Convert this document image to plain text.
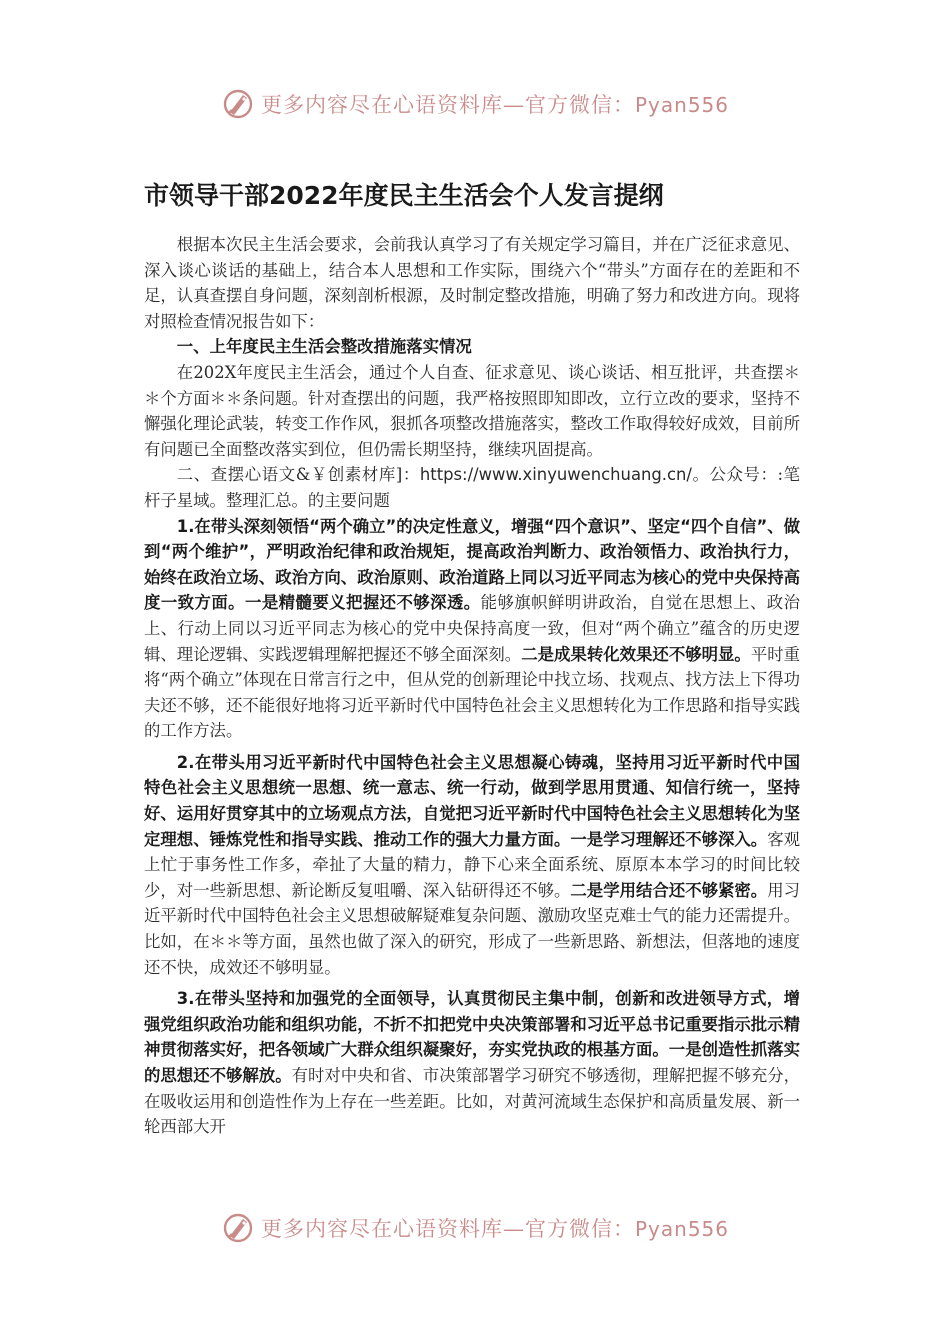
更多内容尽在心语资料库—官方微信：Pyan556
市领导干部2022年度民主生活会个人发言提纲

根据本次民主生活会要求，会前我认真学习了有关规定学习篇目，并在广泛征求意见、深入谈心谈话的基础上，结合本人思想和工作实际，围绕六个“带头”方面存在的差距和不足，认真查摆自身问题，深刻剖析根源，及时制定整改措施，明确了努力和改进方向。现将对照检查情况报告如下：

一、上年度民主生活会整改措施落实情况

在202X年度民主生活会，通过个人自查、征求意见、谈心谈话、相互批评，共查摆＊＊个方面＊＊条问题。针对查摆出的问题，我严格按照即知即改，立行立改的要求，坚持不懈强化理论武装，转变工作作风，狠抓各项整改措施落实，整改工作取得较好成效，目前所有问题已全面整改落实到位，但仍需长期坚持，继续巩固提高。

二、查摆心语文&￥创素材库]：https://www.xinyuwenchuang.cn/。公众号：:笔杆子星域。整理汇总。的主要问题

1.在带头深刻领悟“两个确立”的决定性意义，增强“四个意识”、坚定“四个自信”、做到“两个维护”，严明政治纪律和政治规矩，提高政治判断力、政治领悟力、政治执行力，始终在政治立场、政治方向、政治原则、政治道路上同以习近平同志为核心的党中央保持高度一致方面。一是精髓要义把握还不够深透。能够旗帜鲜明讲政治，自觉在思想上、政治上、行动上同以习近平同志为核心的党中央保持高度一致，但对“两个确立”蕴含的历史逻辑、理论逻辑、实践逻辑理解把握还不够全面深刻。二是成果转化效果还不够明显。平时重将“两个确立”体现在日常言行之中，但从党的创新理论中找立场、找观点、找方法上下得功夫还不够，还不能很好地将习近平新时代中国特色社会主义思想转化为工作思路和指导实践的工作方法。

2.在带头用习近平新时代中国特色社会主义思想凝心铸魂，坚持用习近平新时代中国特色社会主义思想统一思想、统一意志、统一行动，做到学思用贯通、知信行统一，坚持好、运用好贯穿其中的立场观点方法，自觉把习近平新时代中国特色社会主义思想转化为坚定理想、锤炼党性和指导实践、推动工作的强大力量方面。一是学习理解还不够深入。客观上忙于事务性工作多，牵扯了大量的精力，静下心来全面系统、原原本本学习的时间比较少，对一些新思想、新论断反复咀嚼、深入钻研得还不够。二是学用结合还不够紧密。用习近平新时代中国特色社会主义思想破解疑难复杂问题、激励攻坚克难士气的能力还需提升。比如，在＊＊等方面，虽然也做了深入的研究，形成了一些新思路、新想法，但落地的速度还不快，成效还不够明显。

3.在带头坚持和加强党的全面领导，认真贯彻民主集中制，创新和改进领导方式，增强党组织政治功能和组织功能，不折不扣把党中央决策部署和习近平总书记重要指示批示精神贯彻落实好，把各领域广大群众组织凝聚好，夯实党执政的根基方面。一是创造性抓落实的思想还不够解放。有时对中央和省、市决策部署学习研究不够透彻，理解把握不够充分，在吸收运用和创造性作为上存在一些差距。比如，对黄河流域生态保护和高质量发展、新一轮西部大开

更多内容尽在心语资料库—官方微信：Pyan556
